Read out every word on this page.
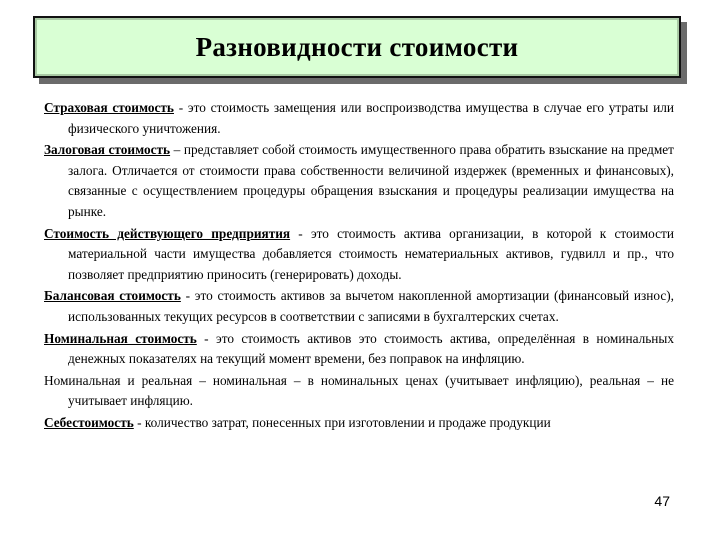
Разновидности стоимости

Страховая стоимость - это стоимость замещения или воспроизводства имущества в случае его утраты или физического уничтожения.

Залоговая стоимость – представляет собой стоимость имущественного права обратить взыскание на предмет залога. Отличается от стоимости права собственности величиной издержек (временных и финансовых), связанные с осуществлением процедуры обращения взыскания и процедуры реализации имущества на рынке.

Стоимость действующего предприятия - это стоимость актива организации, в которой к стоимости материальной части имущества добавляется стоимость нематериальных активов, гудвилл и пр., что позволяет предприятию приносить (генерировать) доходы.

Балансовая стоимость - это стоимость активов за вычетом накопленной амортизации (финансовый износ), использованных текущих ресурсов в соответствии с записями в бухгалтерских счетах.

Номинальная стоимость - это стоимость активов это стоимость актива, определённая в номинальных денежных показателях на текущий момент времени, без поправок на инфляцию.

Номинальная и реальная – номинальная – в номинальных ценах (учитывает инфляцию), реальная – не учитывает инфляцию.

Себестоимость - количество затрат, понесенных при изготовлении и продаже продукции

47
